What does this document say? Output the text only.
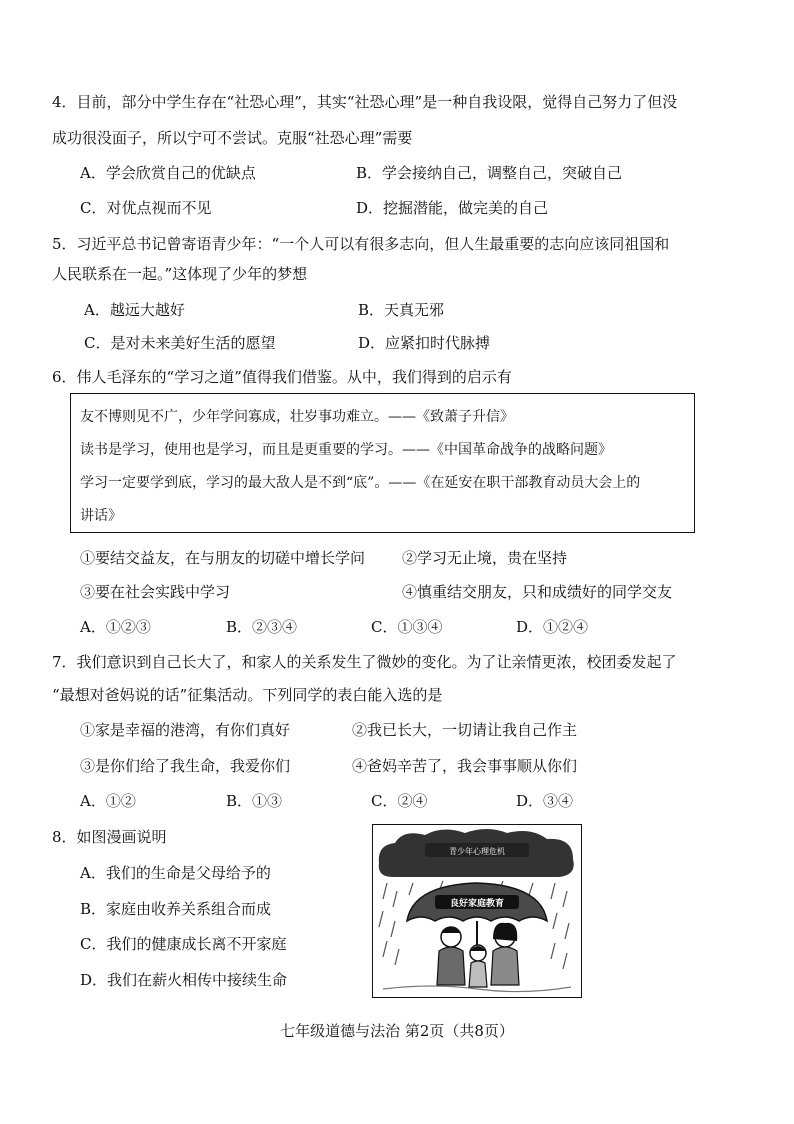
4．目前，部分中学生存在“社恐心理”，其实“社恐心理”是一种自我设限，觉得自己努力了但没
成功很没面子，所以宁可不尝试。克服“社恐心理”需要
A．学会欣赏自己的优缺点	B．学会接纳自己，调整自己，突破自己
C．对优点视而不见	D．挖掘潜能，做完美的自己
5．习近平总书记曾寄语青少年：“一个人可以有很多志向，但人生最重要的志向应该同祖国和
人民联系在一起。”这体现了少年的梦想
A．越远大越好	B．天真无邪
C．是对未来美好生活的愿望	D．应紧扣时代脉搏
6．伟人毛泽东的“学习之道”值得我们借鉴。从中，我们得到的启示有
友不博则见不广，少年学问寡成，壮岁事功难立。——《致萧子升信》
读书是学习，使用也是学习，而且是更重要的学习。——《中国革命战争的战略问题》
学习一定要学到底，学习的最大敌人是不到“底”。——《在延安在职干部教育动员大会上的
讲话》
①要结交益友，在与朋友的切磋中增长学问 ②学习无止境，贵在坚持
③要在社会实践中学习	④慎重结交朋友，只和成绩好的同学交友
A．①②③	B．②③④	C．①③④	D．①②④
7．我们意识到自己长大了，和家人的关系发生了微妙的变化。为了让亲情更浓，校团委发起了
“最想对爸妈说的话”征集活动。下列同学的表白能入选的是
①家是幸福的港湾，有你们真好	②我已长大，一切请让我自己作主
③是你们给了我生命，我爱你们	④爸妈辛苦了，我会事事顺从你们
A．①②	B．①③	C．②④	D．③④
8．如图漫画说明
A．我们的生命是父母给予的
B．家庭由收养关系组合而成
C．我们的健康成长离不开家庭
D．我们在薪火相传中接续生命
青少年心理危机
良好家庭教育
七年级道德与法治 第2页（共8页）
